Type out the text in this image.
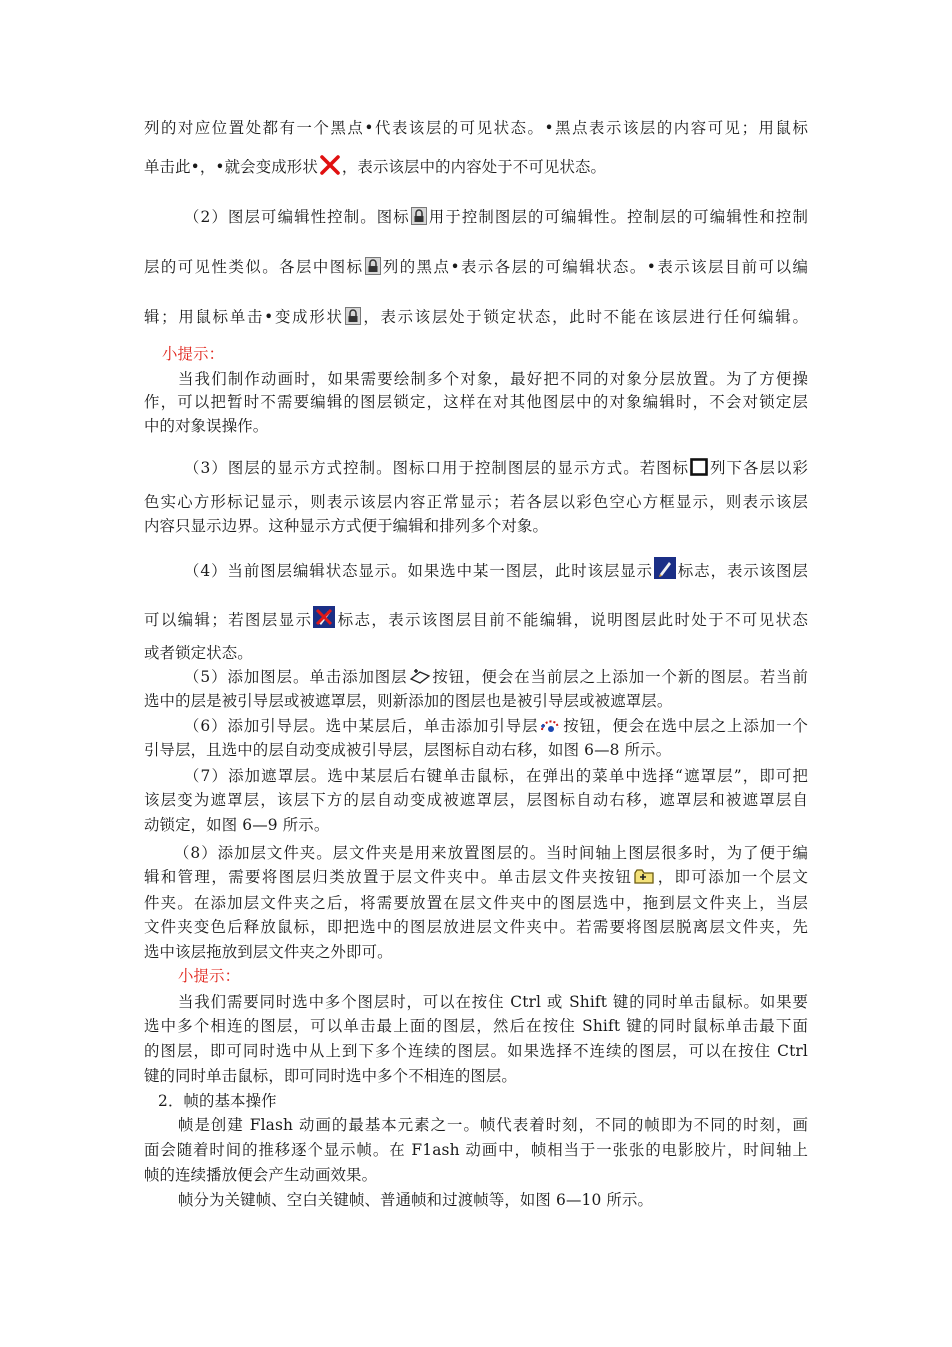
列的对应位置处都有一个黑点•代表该层的可见状态。•黑点表示该层的内容可见；用鼠标
单击此•，•就会变成形状 ，表示该层中的内容处于不可见状态。
（2）图层可编辑性控制。图标 用于控制图层的可编辑性。控制层的可编辑性和控制
层的可见性类似。各层中图标 列的黑点•表示各层的可编辑状态。•表示该层目前可以编
辑；用鼠标单击•变成形状 ，表示该层处于锁定状态，此时不能在该层进行任何编辑。
小提示：
当我们制作动画时，如果需要绘制多个对象，最好把不同的对象分层放置。为了方便操
作，可以把暂时不需要编辑的图层锁定，这样在对其他图层中的对象编辑时，不会对锁定层
中的对象误操作。
（3）图层的显示方式控制。图标口用于控制图层的显示方式。若图标 列下各层以彩
色实心方形标记显示，则表示该层内容正常显示；若各层以彩色空心方框显示，则表示该层
内容只显示边界。这种显示方式便于编辑和排列多个对象。
（4）当前图层编辑状态显示。如果选中某一图层，此时该层显示 标志，表示该图层
可以编辑；若图层显示 标志，表示该图层目前不能编辑，说明图层此时处于不可见状态
或者锁定状态。
（5）添加图层。单击添加图层 按钮，便会在当前层之上添加一个新的图层。若当前
选中的层是被引导层或被遮罩层，则新添加的图层也是被引导层或被遮罩层。
（6）添加引导层。选中某层后，单击添加引导层 按钮，便会在选中层之上添加一个
引导层，且选中的层自动变成被引导层，层图标自动右移，如图 6—8 所示。
（7）添加遮罩层。选中某层后右键单击鼠标，在弹出的菜单中选择“遮罩层”，即可把
该层变为遮罩层，该层下方的层自动变成被遮罩层，层图标自动右移，遮罩层和被遮罩层自
动锁定，如图 6—9 所示。
（8）添加层文件夹。层文件夹是用来放置图层的。当时间轴上图层很多时，为了便于编
辑和管理，需要将图层归类放置于层文件夹中。单击层文件夹按钮 ，即可添加一个层文
件夹。在添加层文件夹之后，将需要放置在层文件夹中的图层选中，拖到层文件夹上，当层
文件夹变色后释放鼠标，即把选中的图层放进层文件夹中。若需要将图层脱离层文件夹，先
选中该层拖放到层文件夹之外即可。
小提示：
当我们需要同时选中多个图层时，可以在按住 Ctrl 或 Shift 键的同时单击鼠标。如果要
选中多个相连的图层，可以单击最上面的图层，然后在按住 Shift 键的同时鼠标单击最下面
的图层，即可同时选中从上到下多个连续的图层。如果选择不连续的图层，可以在按住 Ctrl
键的同时单击鼠标，即可同时选中多个不相连的图层。
2．帧的基本操作
帧是创建 Flash 动画的最基本元素之一。帧代表着时刻，不同的帧即为不同的时刻，画
面会随着时间的推移逐个显示帧。在 F1ash 动画中，帧相当于一张张的电影胶片，时间轴上
帧的连续播放便会产生动画效果。
帧分为关键帧、空白关键帧、普通帧和过渡帧等，如图 6—10 所示。
